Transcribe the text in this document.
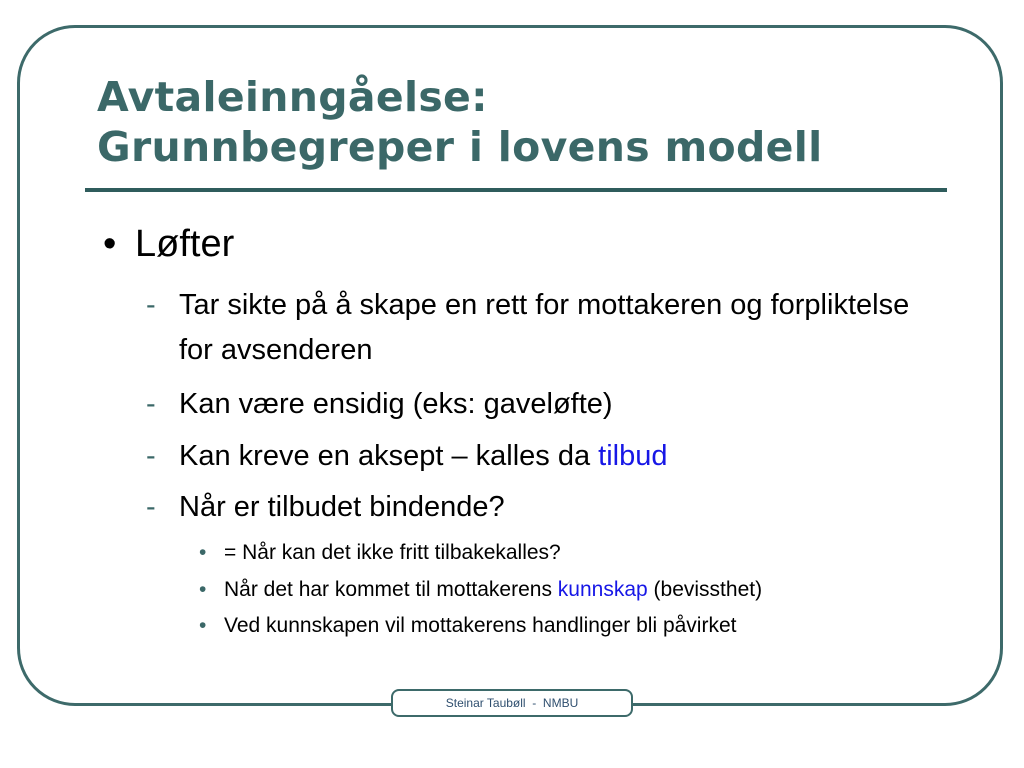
Avtaleinngåelse:
Grunnbegreper i lovens modell
• Løfter
- Tar sikte på å skape en rett for mottakeren og forpliktelse for avsenderen
- Kan være ensidig (eks: gaveløfte)
- Kan kreve en aksept – kalles da tilbud
- Når er tilbudet bindende?
• = Når kan det ikke fritt tilbakekalles?
• Når det har kommet til mottakerens kunnskap (bevissthet)
• Ved kunnskapen vil mottakerens handlinger bli påvirket
Steinar Taubøll  -  NMBU
